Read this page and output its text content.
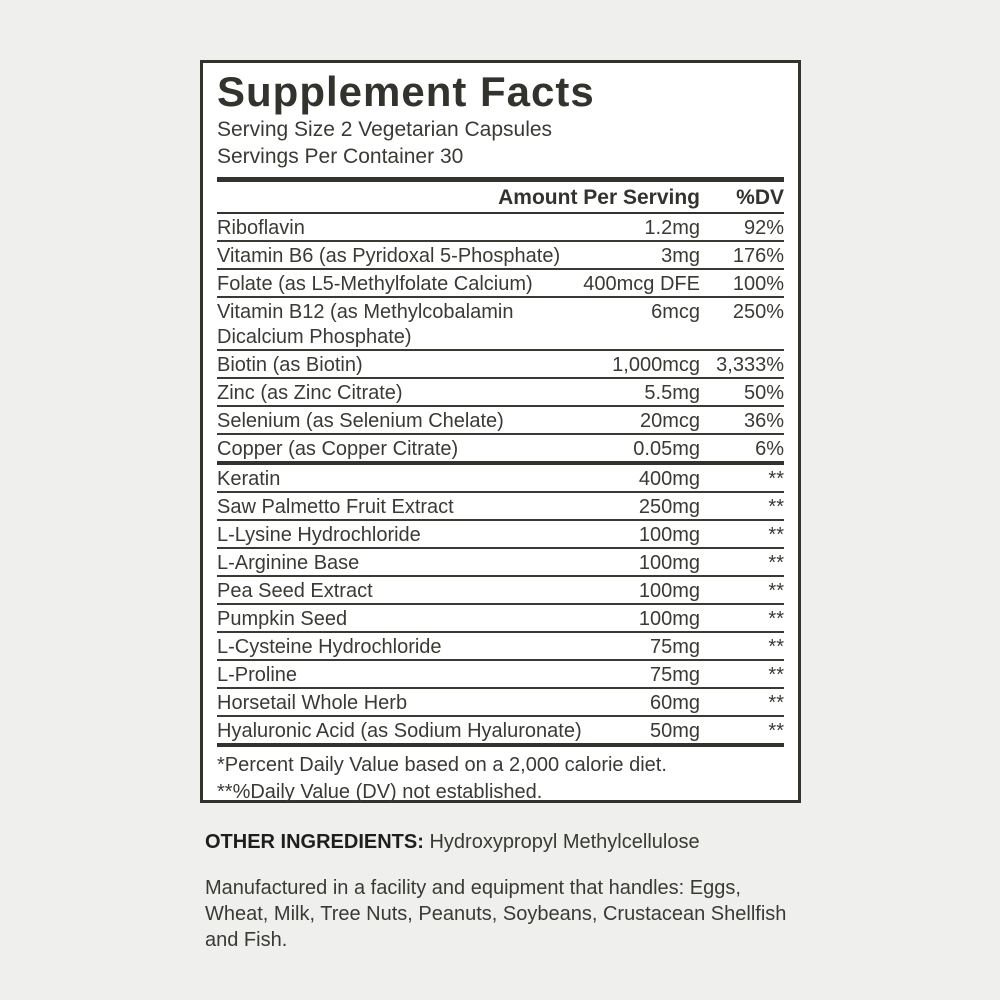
Supplement Facts
Serving Size 2 Vegetarian Capsules
Servings Per Container 30
Amount Per Serving	%DV
Riboflavin	1.2mg	92%
Vitamin B6 (as Pyridoxal 5-Phosphate)	3mg	176%
Folate (as L5-Methylfolate Calcium)	400mcg DFE	100%
Vitamin B12 (as Methylcobalamin	6mcg	250%
Dicalcium Phosphate)
Biotin (as Biotin)	1,000mcg 3,333%
Zinc (as Zinc Citrate)	5.5mg	50%
Selenium (as Selenium Chelate)	20mcg	36%
Copper (as Copper Citrate)	0.05mg	6%
Keratin	400mg	**
Saw Palmetto Fruit Extract	250mg	**
L-Lysine Hydrochloride	100mg	**
L-Arginine Base	100mg	**
Pea Seed Extract	100mg	**
Pumpkin Seed	100mg	**
L-Cysteine Hydrochloride	75mg	**
L-Proline	75mg	**
Horsetail Whole Herb	60mg	**
Hyaluronic Acid (as Sodium Hyaluronate)	50mg	**
*Percent Daily Value based on a 2,000 calorie diet.
**%Daily Value (DV) not established.
OTHER INGREDIENTS: Hydroxypropyl Methylcellulose
Manufactured in a facility and equipment that handles: Eggs, Wheat, Milk, Tree Nuts, Peanuts, Soybeans, Crustacean Shellfish and Fish.
